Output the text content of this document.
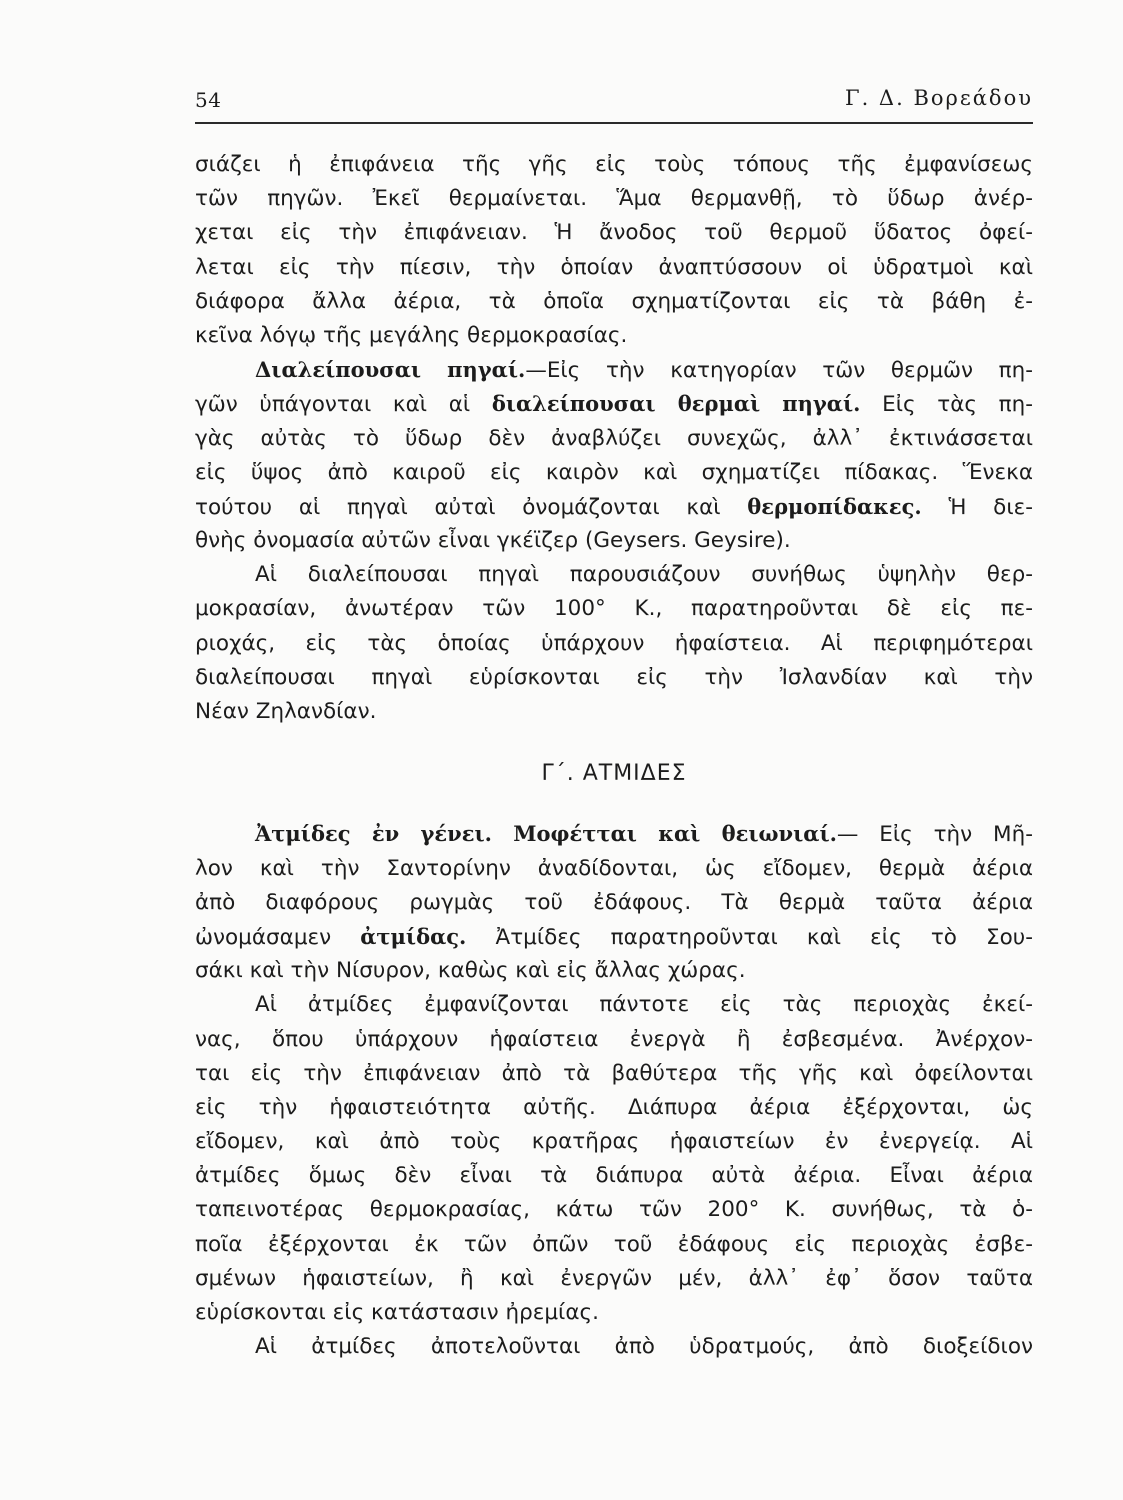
54	Γ. Δ. Βορεάδου
σιάζει ἡ ἐπιφάνεια τῆς γῆς εἰς τοὺς τόπους τῆς ἐμφανίσεως
τῶν πηγῶν. Ἐκεῖ θερμαίνεται. Ἅμα θερμανθῇ, τὸ ὕδωρ ἀνέρ-
χεται εἰς τὴν ἐπιφάνειαν. Ἡ ἄνοδος τοῦ θερμοῦ ὕδατος ὀφεί-
λεται εἰς τὴν πίεσιν, τὴν ὁποίαν ἀναπτύσσουν οἱ ὑδρατμοὶ καὶ
διάφορα ἄλλα ἀέρια, τὰ ὁποῖα σχηματίζονται εἰς τὰ βάθη ἐ-
κεῖνα λόγῳ τῆς μεγάλης θερμοκρασίας.
Διαλείπουσαι πηγαί.—Εἰς τὴν κατηγορίαν τῶν θερμῶν πη-
γῶν ὑπάγονται καὶ αἱ διαλείπουσαι θερμαὶ πηγαί. Εἰς τὰς πη-
γὰς αὐτὰς τὸ ὕδωρ δὲν ἀναβλύζει συνεχῶς, ἀλλ᾽ ἐκτινάσσεται
εἰς ὕψος ἀπὸ καιροῦ εἰς καιρὸν καὶ σχηματίζει πίδακας. Ἕνεκα
τούτου αἱ πηγαὶ αὐταὶ ὀνομάζονται καὶ θερμοπίδακες. Ἡ διε-
θνὴς ὀνομασία αὐτῶν εἶναι γκέϊζερ (Geysers. Geysire).
Αἱ διαλείπουσαι πηγαὶ παρουσιάζουν συνήθως ὑψηλὴν θερ-
μοκρασίαν, ἀνωτέραν τῶν 100° Κ., παρατηροῦνται δὲ εἰς πε-
ριοχάς, εἰς τὰς ὁποίας ὑπάρχουν ἡφαίστεια. Αἱ περιφημότεραι
διαλείπουσαι πηγαὶ εὑρίσκονται εἰς τὴν Ἰσλανδίαν καὶ τὴν
Νέαν Ζηλανδίαν.
Γ΄. ΑΤΜΙΔΕΣ
Ἀτμίδες ἐν γένει. Μοφέτται καὶ θειωνιαί.— Εἰς τὴν Μῆ-
λον καὶ τὴν Σαντορίνην ἀναδίδονται, ὡς εἴδομεν, θερμὰ ἀέρια
ἀπὸ διαφόρους ρωγμὰς τοῦ ἐδάφους. Τὰ θερμὰ ταῦτα ἀέρια
ὠνομάσαμεν ἀτμίδας. Ἀτμίδες παρατηροῦνται καὶ εἰς τὸ Σου-
σάκι καὶ τὴν Νίσυρον, καθὼς καὶ εἰς ἄλλας χώρας.
Αἱ ἀτμίδες ἐμφανίζονται πάντοτε εἰς τὰς περιοχὰς ἐκεί-
νας, ὅπου ὑπάρχουν ἡφαίστεια ἐνεργὰ ἢ ἐσβεσμένα. Ἀνέρχον-
ται εἰς τὴν ἐπιφάνειαν ἀπὸ τὰ βαθύτερα τῆς γῆς καὶ ὀφείλονται
εἰς τὴν ἡφαιστειότητα αὐτῆς. Διάπυρα ἀέρια ἐξέρχονται, ὡς
εἴδομεν, καὶ ἀπὸ τοὺς κρατῆρας ἡφαιστείων ἐν ἐνεργείᾳ. Αἱ
ἀτμίδες ὅμως δὲν εἶναι τὰ διάπυρα αὐτὰ ἀέρια. Εἶναι ἀέρια
ταπεινοτέρας θερμοκρασίας, κάτω τῶν 200° Κ. συνήθως, τὰ ὁ-
ποῖα ἐξέρχονται ἐκ τῶν ὀπῶν τοῦ ἐδάφους εἰς περιοχὰς ἐσβε-
σμένων ἡφαιστείων, ἢ καὶ ἐνεργῶν μέν, ἀλλ᾽ ἐφ᾽ ὅσον ταῦτα
εὑρίσκονται εἰς κατάστασιν ἠρεμίας.
Αἱ ἀτμίδες ἀποτελοῦνται ἀπὸ ὑδρατμούς, ἀπὸ διοξείδιον
